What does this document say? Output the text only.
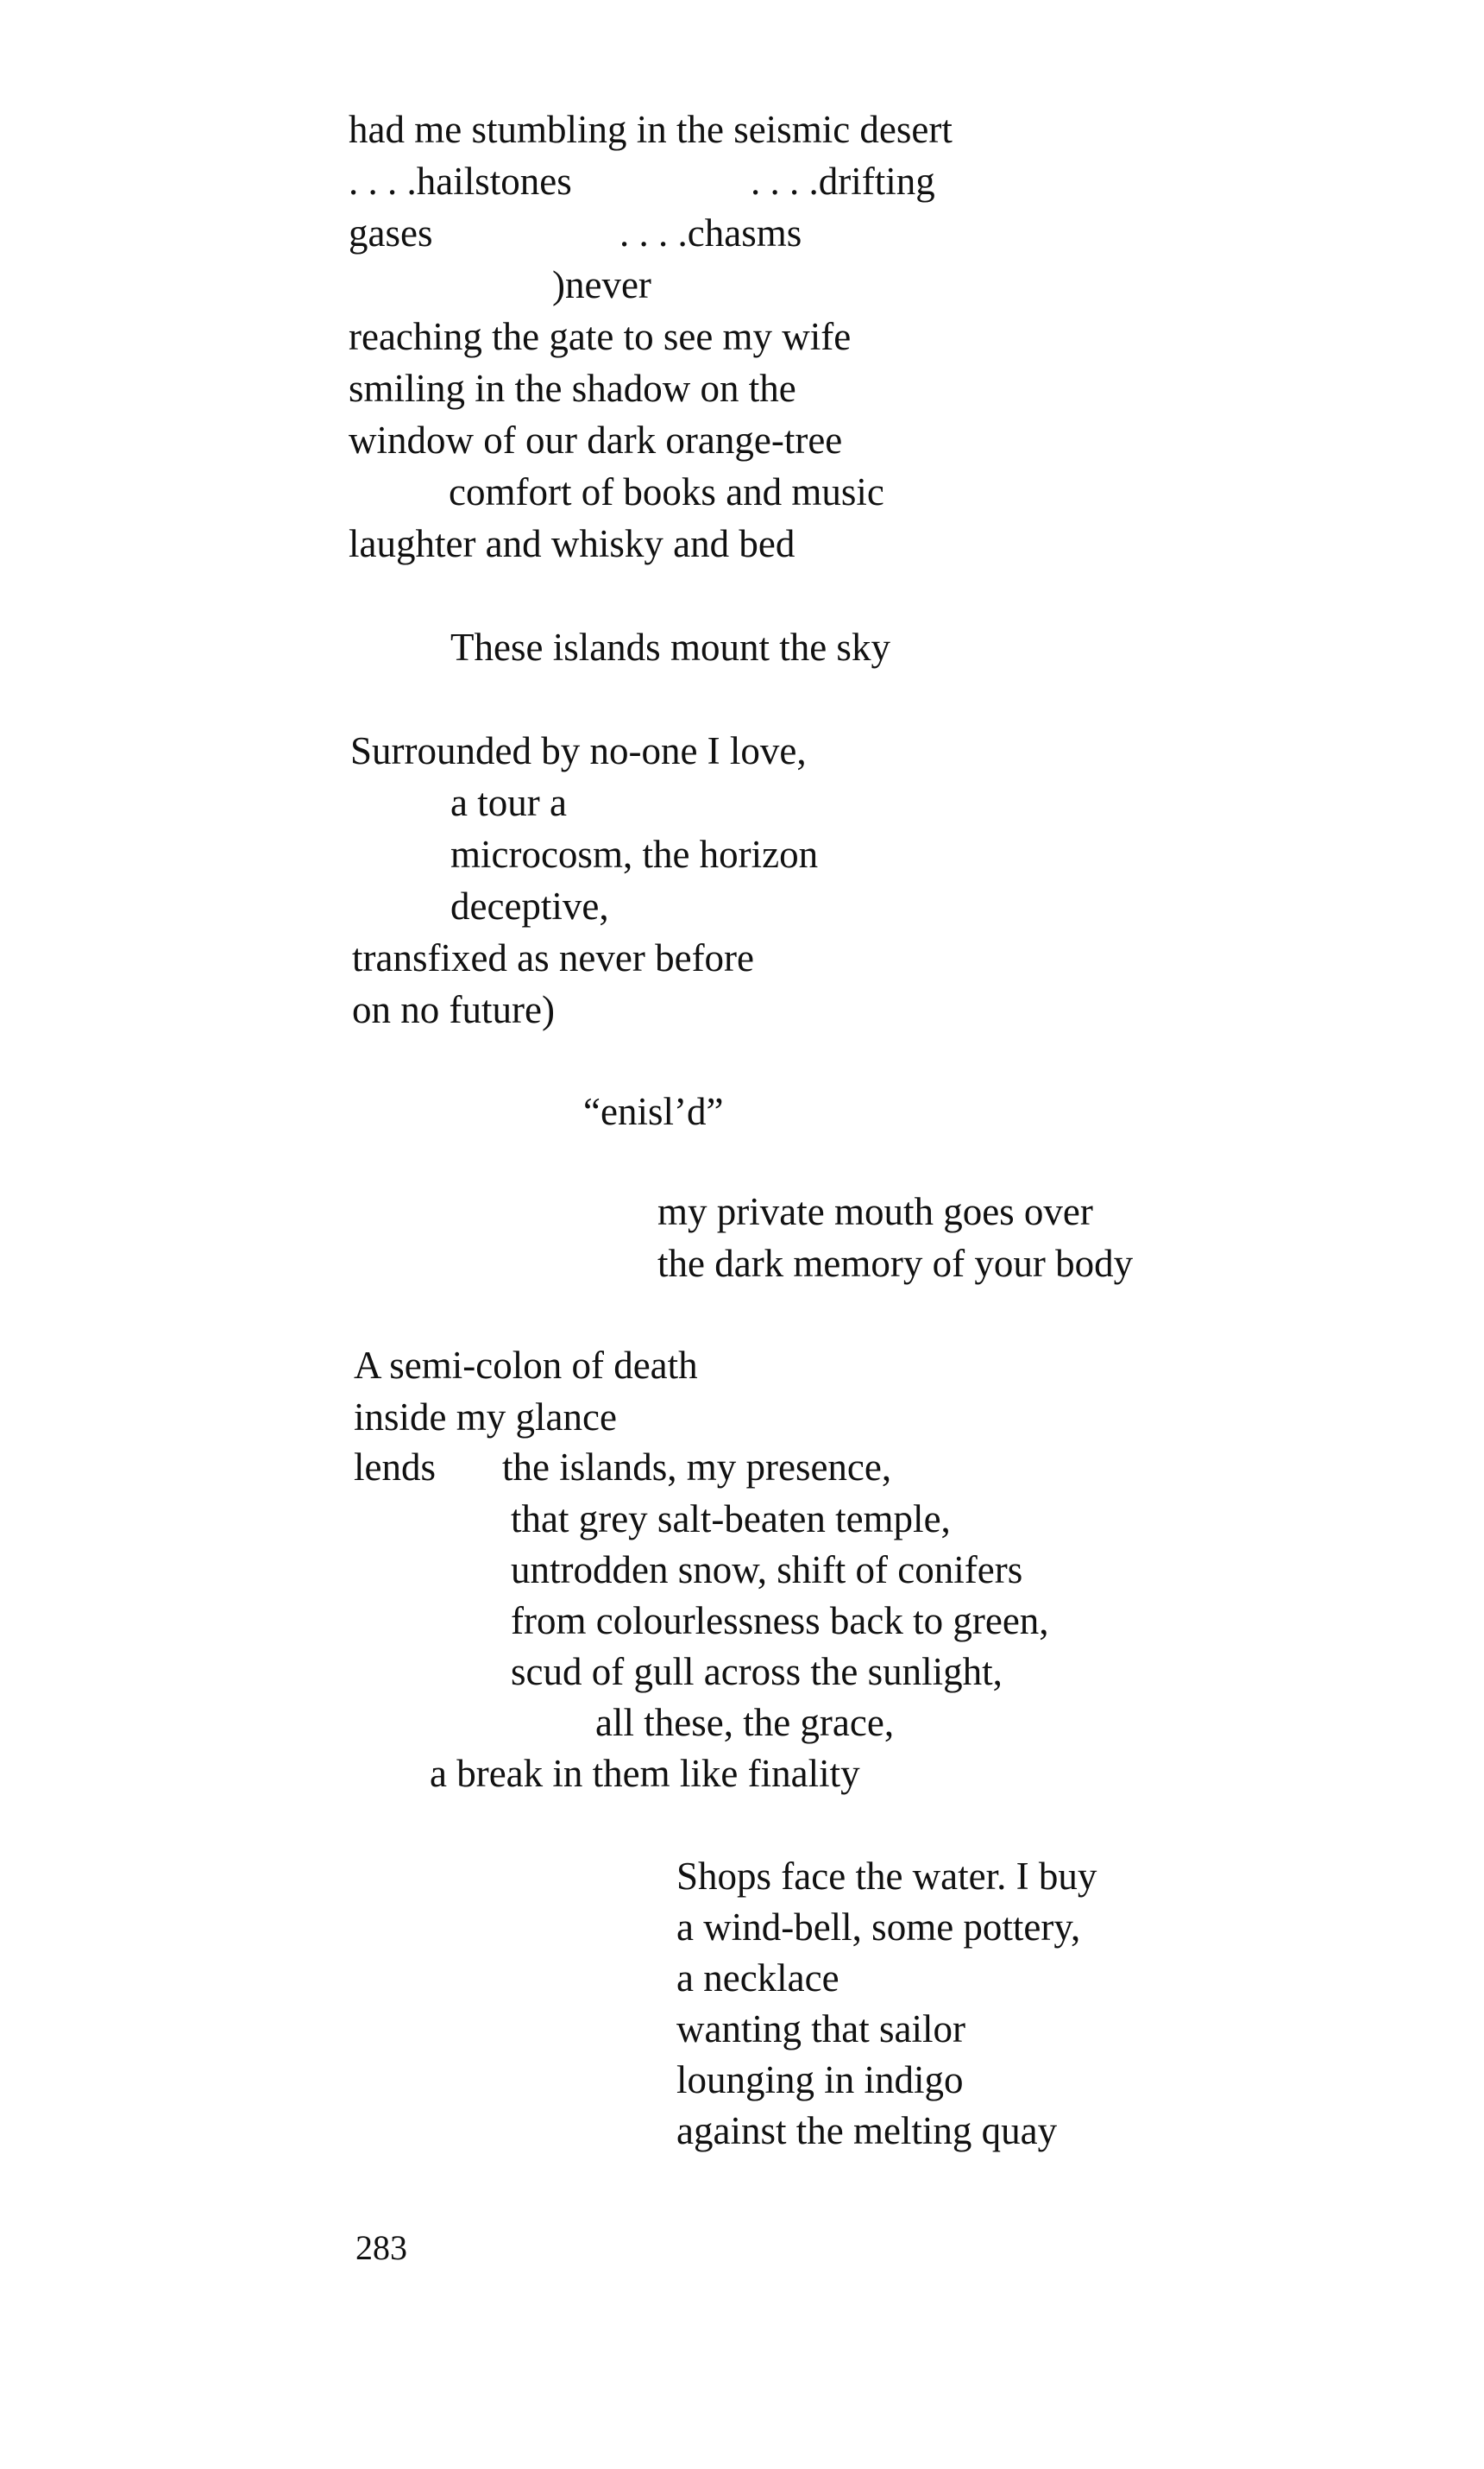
had me stumbling in the seismic desert
. . . .hailstones	. . . .drifting
gases	. . . .chasms
)never
reaching the gate to see my wife
smiling in the shadow on the
window of our dark orange-tree
comfort of books and music
laughter and whisky and bed
These islands mount the sky
Surrounded by no-one I love,
a tour a
microcosm, the horizon
deceptive,
transfixed as never before
on no future)
“enisl’d”
my private mouth goes over
the dark memory of your body
A semi-colon of death
inside my glance
lends the islands, my presence,
that grey salt-beaten temple,
untrodden snow, shift of conifers
from colourlessness back to green,
scud of gull across the sunlight,
all these, the grace,
a break in them like finality
Shops face the water. I buy
a wind-bell, some pottery,
a necklace
wanting that sailor
lounging in indigo
against the melting quay
283
